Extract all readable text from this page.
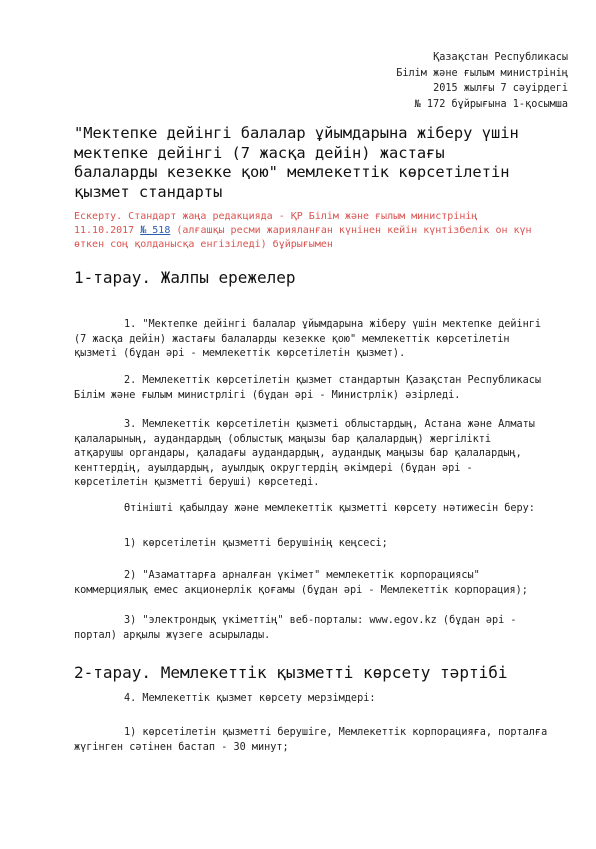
Қазақстан Республикасы
Білім және ғылым министрінің
2015 жылғы 7 сәуірдегі
№ 172 бұйрығына 1-қосымша
"Мектепке дейінгі балалар ұйымдарына жіберу үшін
мектепке дейінгі (7 жасқа дейін) жастағы
балаларды кезекке қою" мемлекеттік көрсетілетін
қызмет стандарты
Ескерту. Стандарт жаңа редакцияда - ҚР Білім және ғылым министрінің
11.10.2017 № 518 (алғашқы ресми жарияланған күнінен кейін күнтізбелік он күн
өткен соң қолданысқа енгізіледі) бұйрығымен
1-тарау. Жалпы ережелер
1. "Мектепке дейінгі балалар ұйымдарына жіберу үшін мектепке дейінгі
(7 жасқа дейін) жастағы балаларды кезекке қою" мемлекеттік көрсетілетін
қызметі (бұдан әрі - мемлекеттік көрсетілетін қызмет).
2. Мемлекеттік көрсетілетін қызмет стандартын Қазақстан Республикасы
Білім және ғылым министрлігі (бұдан әрі - Министрлік) әзірледі.
3. Мемлекеттік көрсетілетін қызметі облыстардың, Астана және Алматы
қалаларының, аудандардың (облыстық маңызы бар қалалардың) жергілікті
атқарушы органдары, қаладағы аудандардың, аудандық маңызы бар қалалардың,
кенттердің, ауылдардың, ауылдық округтердің әкімдері (бұдан әрі -
көрсетілетін қызметті беруші) көрсетеді.
Өтінішті қабылдау және мемлекеттік қызметті көрсету нәтижесін беру:
1) көрсетілетін қызметті берушінің кеңсесі;
2) "Азаматтарға арналған үкімет" мемлекеттік корпорациясы"
коммерциялық емес акционерлік қоғамы (бұдан әрі - Мемлекеттік корпорация);
3) "электрондық үкіметтің" веб-порталы: www.egov.kz (бұдан әрі -
портал) арқылы жүзеге асырылады.
2-тарау. Мемлекеттік қызметті көрсету тәртібі
4. Мемлекеттік қызмет көрсету мерзімдері:
1) көрсетілетін қызметті берушіге, Мемлекеттік корпорацияға, порталға
жүгінген сәтінен бастап - 30 минут;
